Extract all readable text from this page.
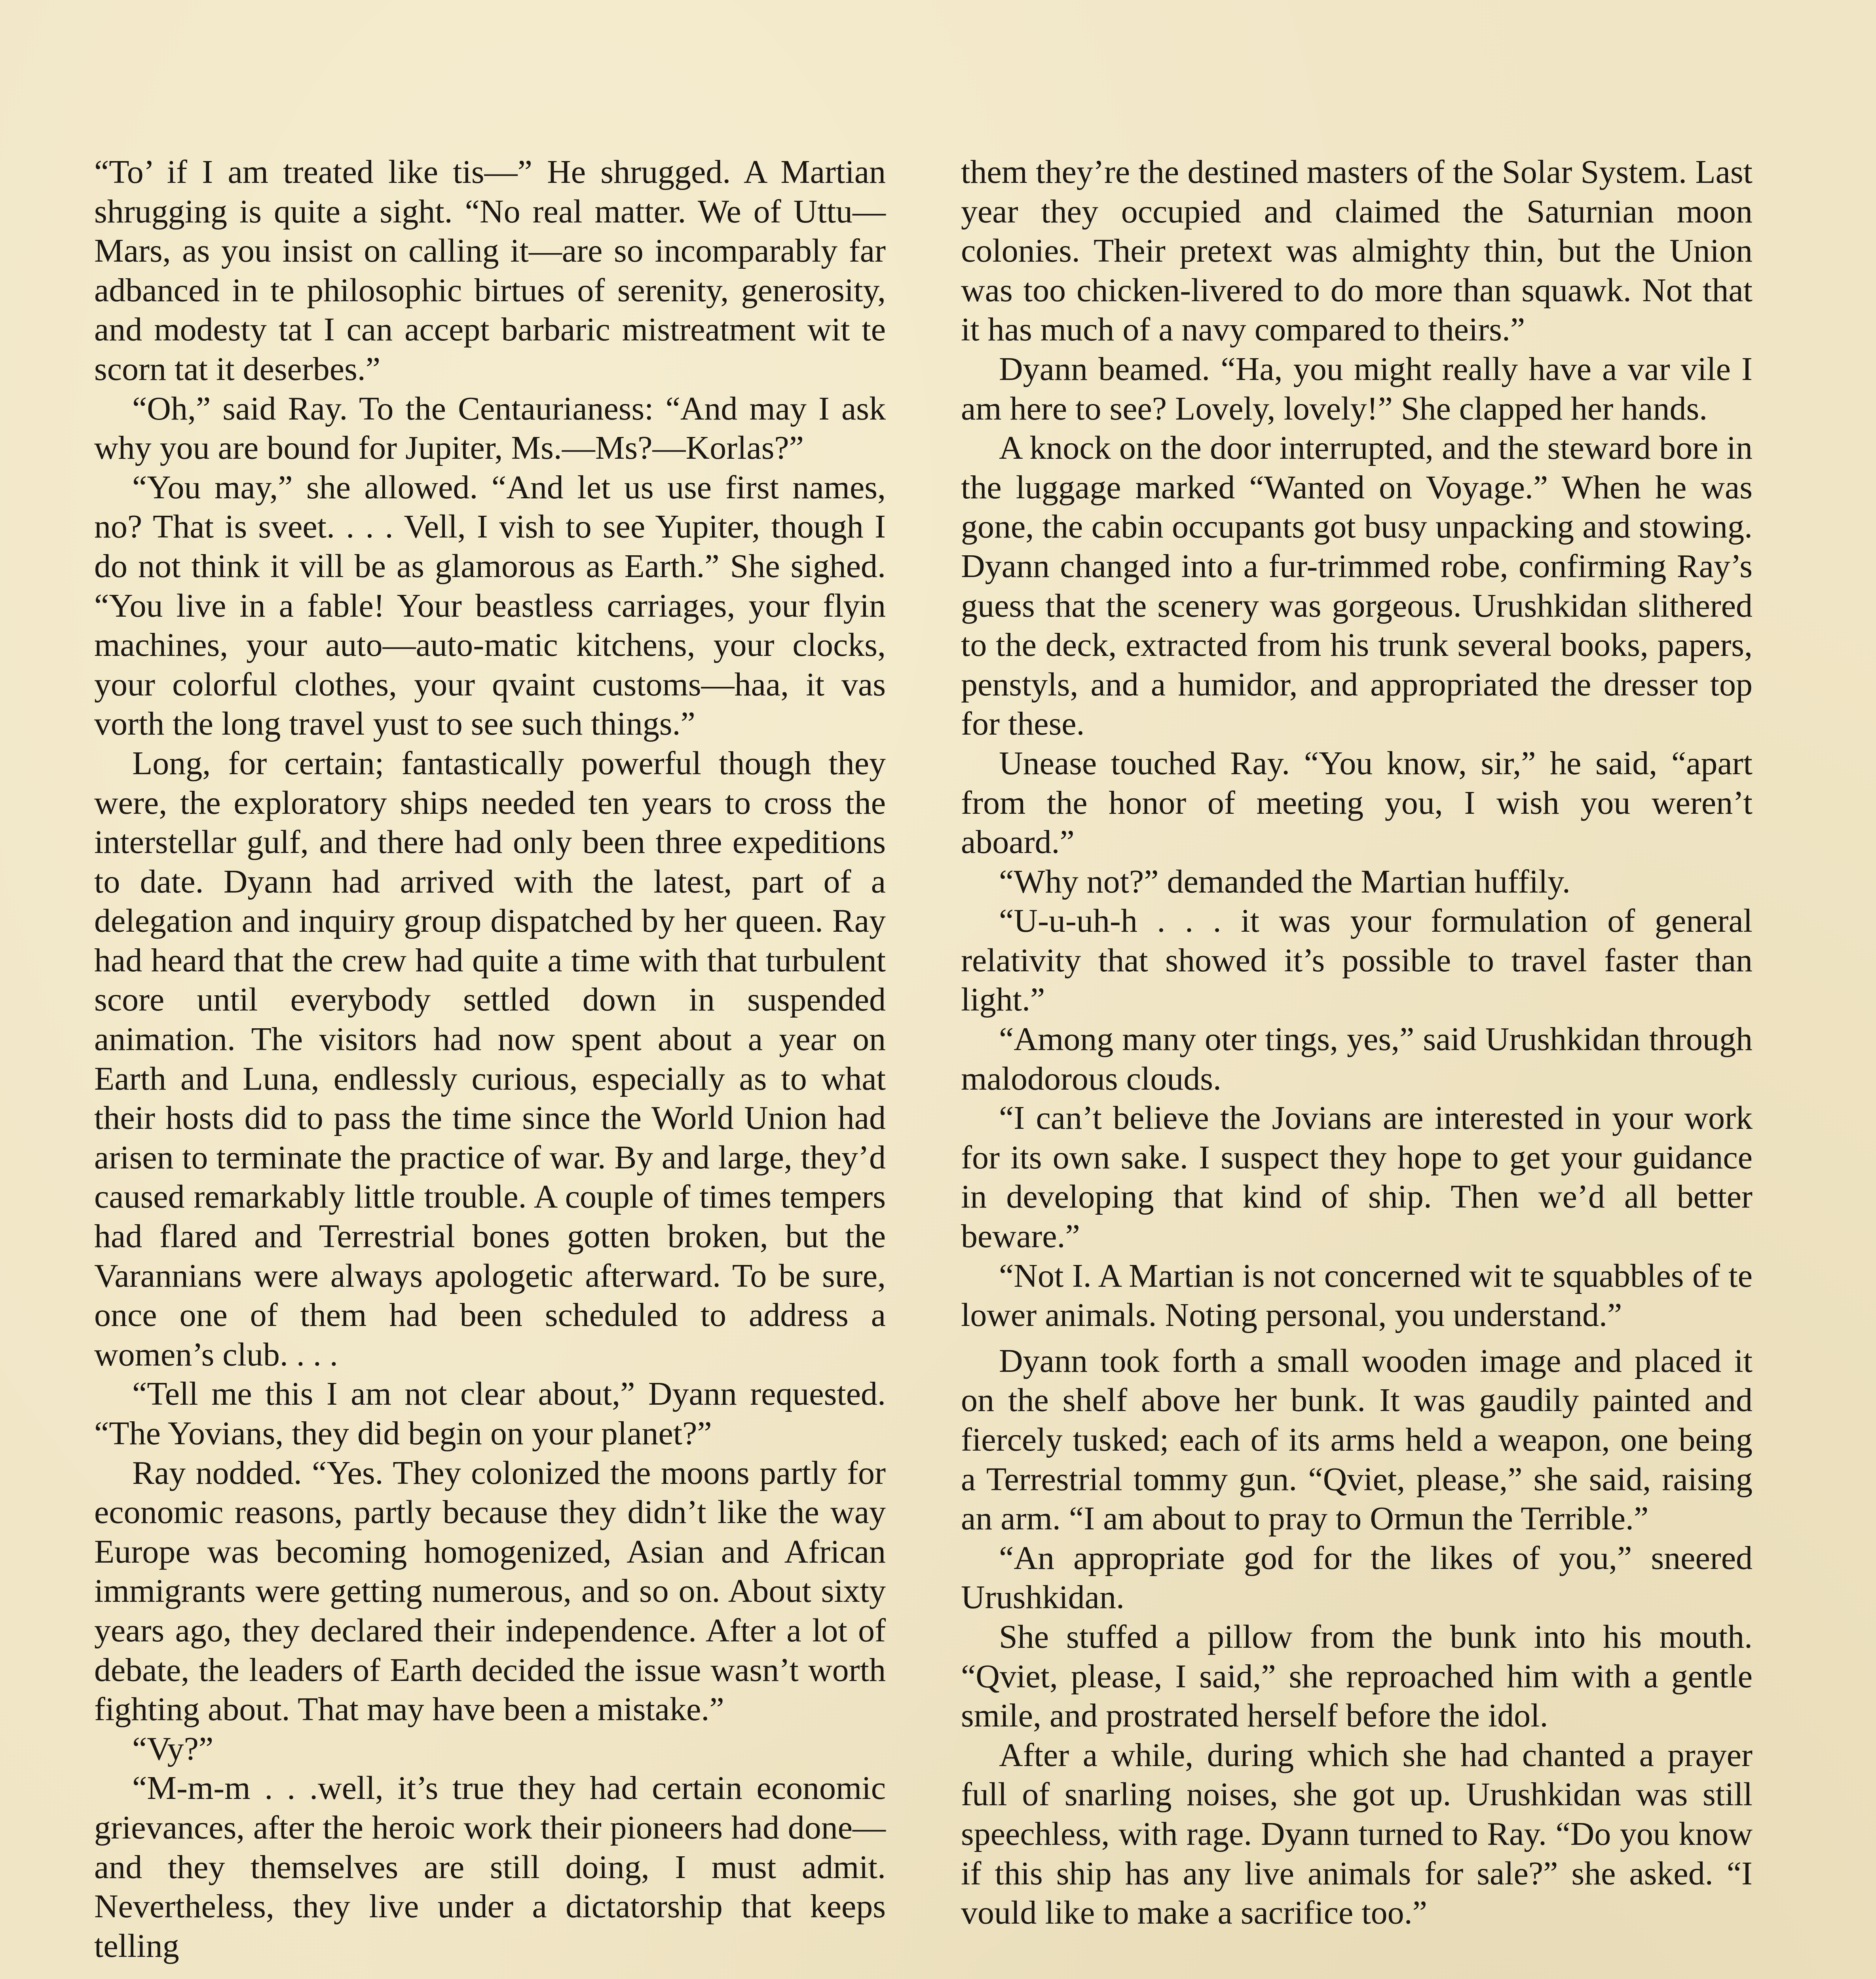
“To’ if I am treated like tis—” He shrugged. A Martian shrugging is quite a sight. “No real matter. We of Uttu—Mars, as you insist on calling it—are so incomparably far adbanced in te philosophic birtues of serenity, generosity, and modesty tat I can accept barbaric mistreatment wit te scorn tat it deserbes.”

“Oh,” said Ray. To the Centaurianess: “And may I ask why you are bound for Jupiter, Ms.—Ms?—Korlas?”

“You may,” she allowed. “And let us use first names, no? That is sveet. . . . Vell, I vish to see Yupiter, though I do not think it vill be as glamorous as Earth.” She sighed. “You live in a fable! Your beastless carriages, your flyin machines, your auto—auto-matic kitchens, your clocks, your colorful clothes, your qvaint customs—haa, it vas vorth the long travel yust to see such things.”

Long, for certain; fantastically powerful though they were, the exploratory ships needed ten years to cross the interstellar gulf, and there had only been three expeditions to date. Dyann had arrived with the latest, part of a delegation and inquiry group dispatched by her queen. Ray had heard that the crew had quite a time with that turbulent score until everybody settled down in suspended animation. The visitors had now spent about a year on Earth and Luna, endlessly curious, especially as to what their hosts did to pass the time since the World Union had arisen to terminate the practice of war. By and large, they’d caused remarkably little trouble. A couple of times tempers had flared and Terrestrial bones gotten broken, but the Varannians were always apologetic afterward. To be sure, once one of them had been scheduled to address a women’s club. . . .

“Tell me this I am not clear about,” Dyann requested. “The Yovians, they did begin on your planet?”

Ray nodded. “Yes. They colonized the moons partly for economic reasons, partly because they didn’t like the way Europe was becoming homogenized, Asian and African immigrants were getting numerous, and so on. About sixty years ago, they declared their independence. After a lot of debate, the leaders of Earth decided the issue wasn’t worth fighting about. That may have been a mistake.”

“Vy?”

“M-m-m . . .well, it’s true they had certain economic grievances, after the heroic work their pioneers had done—and they themselves are still doing, I must admit. Nevertheless, they live under a dictatorship that keeps telling

them they’re the destined masters of the Solar System. Last year they occupied and claimed the Saturnian moon colonies. Their pretext was almighty thin, but the Union was too chicken-livered to do more than squawk. Not that it has much of a navy compared to theirs.”

Dyann beamed. “Ha, you might really have a var vile I am here to see? Lovely, lovely!” She clapped her hands.

A knock on the door interrupted, and the steward bore in the luggage marked “Wanted on Voyage.” When he was gone, the cabin occupants got busy unpacking and stowing. Dyann changed into a fur-trimmed robe, confirming Ray’s guess that the scenery was gorgeous. Urushkidan slithered to the deck, extracted from his trunk several books, papers, penstyls, and a humidor, and appropriated the dresser top for these.

Unease touched Ray. “You know, sir,” he said, “apart from the honor of meeting you, I wish you weren’t aboard.”

“Why not?” demanded the Martian huffily.

“U-u-uh-h . . . it was your formulation of general relativity that showed it’s possible to travel faster than light.”

“Among many oter tings, yes,” said Urushkidan through malodorous clouds.

“I can’t believe the Jovians are interested in your work for its own sake. I suspect they hope to get your guidance in developing that kind of ship. Then we’d all better beware.”

“Not I. A Martian is not concerned wit te squabbles of te lower animals. Noting personal, you understand.”

Dyann took forth a small wooden image and placed it on the shelf above her bunk. It was gaudily painted and fiercely tusked; each of its arms held a weapon, one being a Terrestrial tommy gun. “Qviet, please,” she said, raising an arm. “I am about to pray to Ormun the Terrible.”

“An appropriate god for the likes of you,” sneered Urushkidan.

She stuffed a pillow from the bunk into his mouth. “Qviet, please, I said,” she reproached him with a gentle smile, and prostrated herself before the idol.

After a while, during which she had chanted a prayer full of snarling noises, she got up. Urushkidan was still speechless, with rage. Dyann turned to Ray. “Do you know if this ship has any live animals for sale?” she asked. “I vould like to make a sacrifice too.”
